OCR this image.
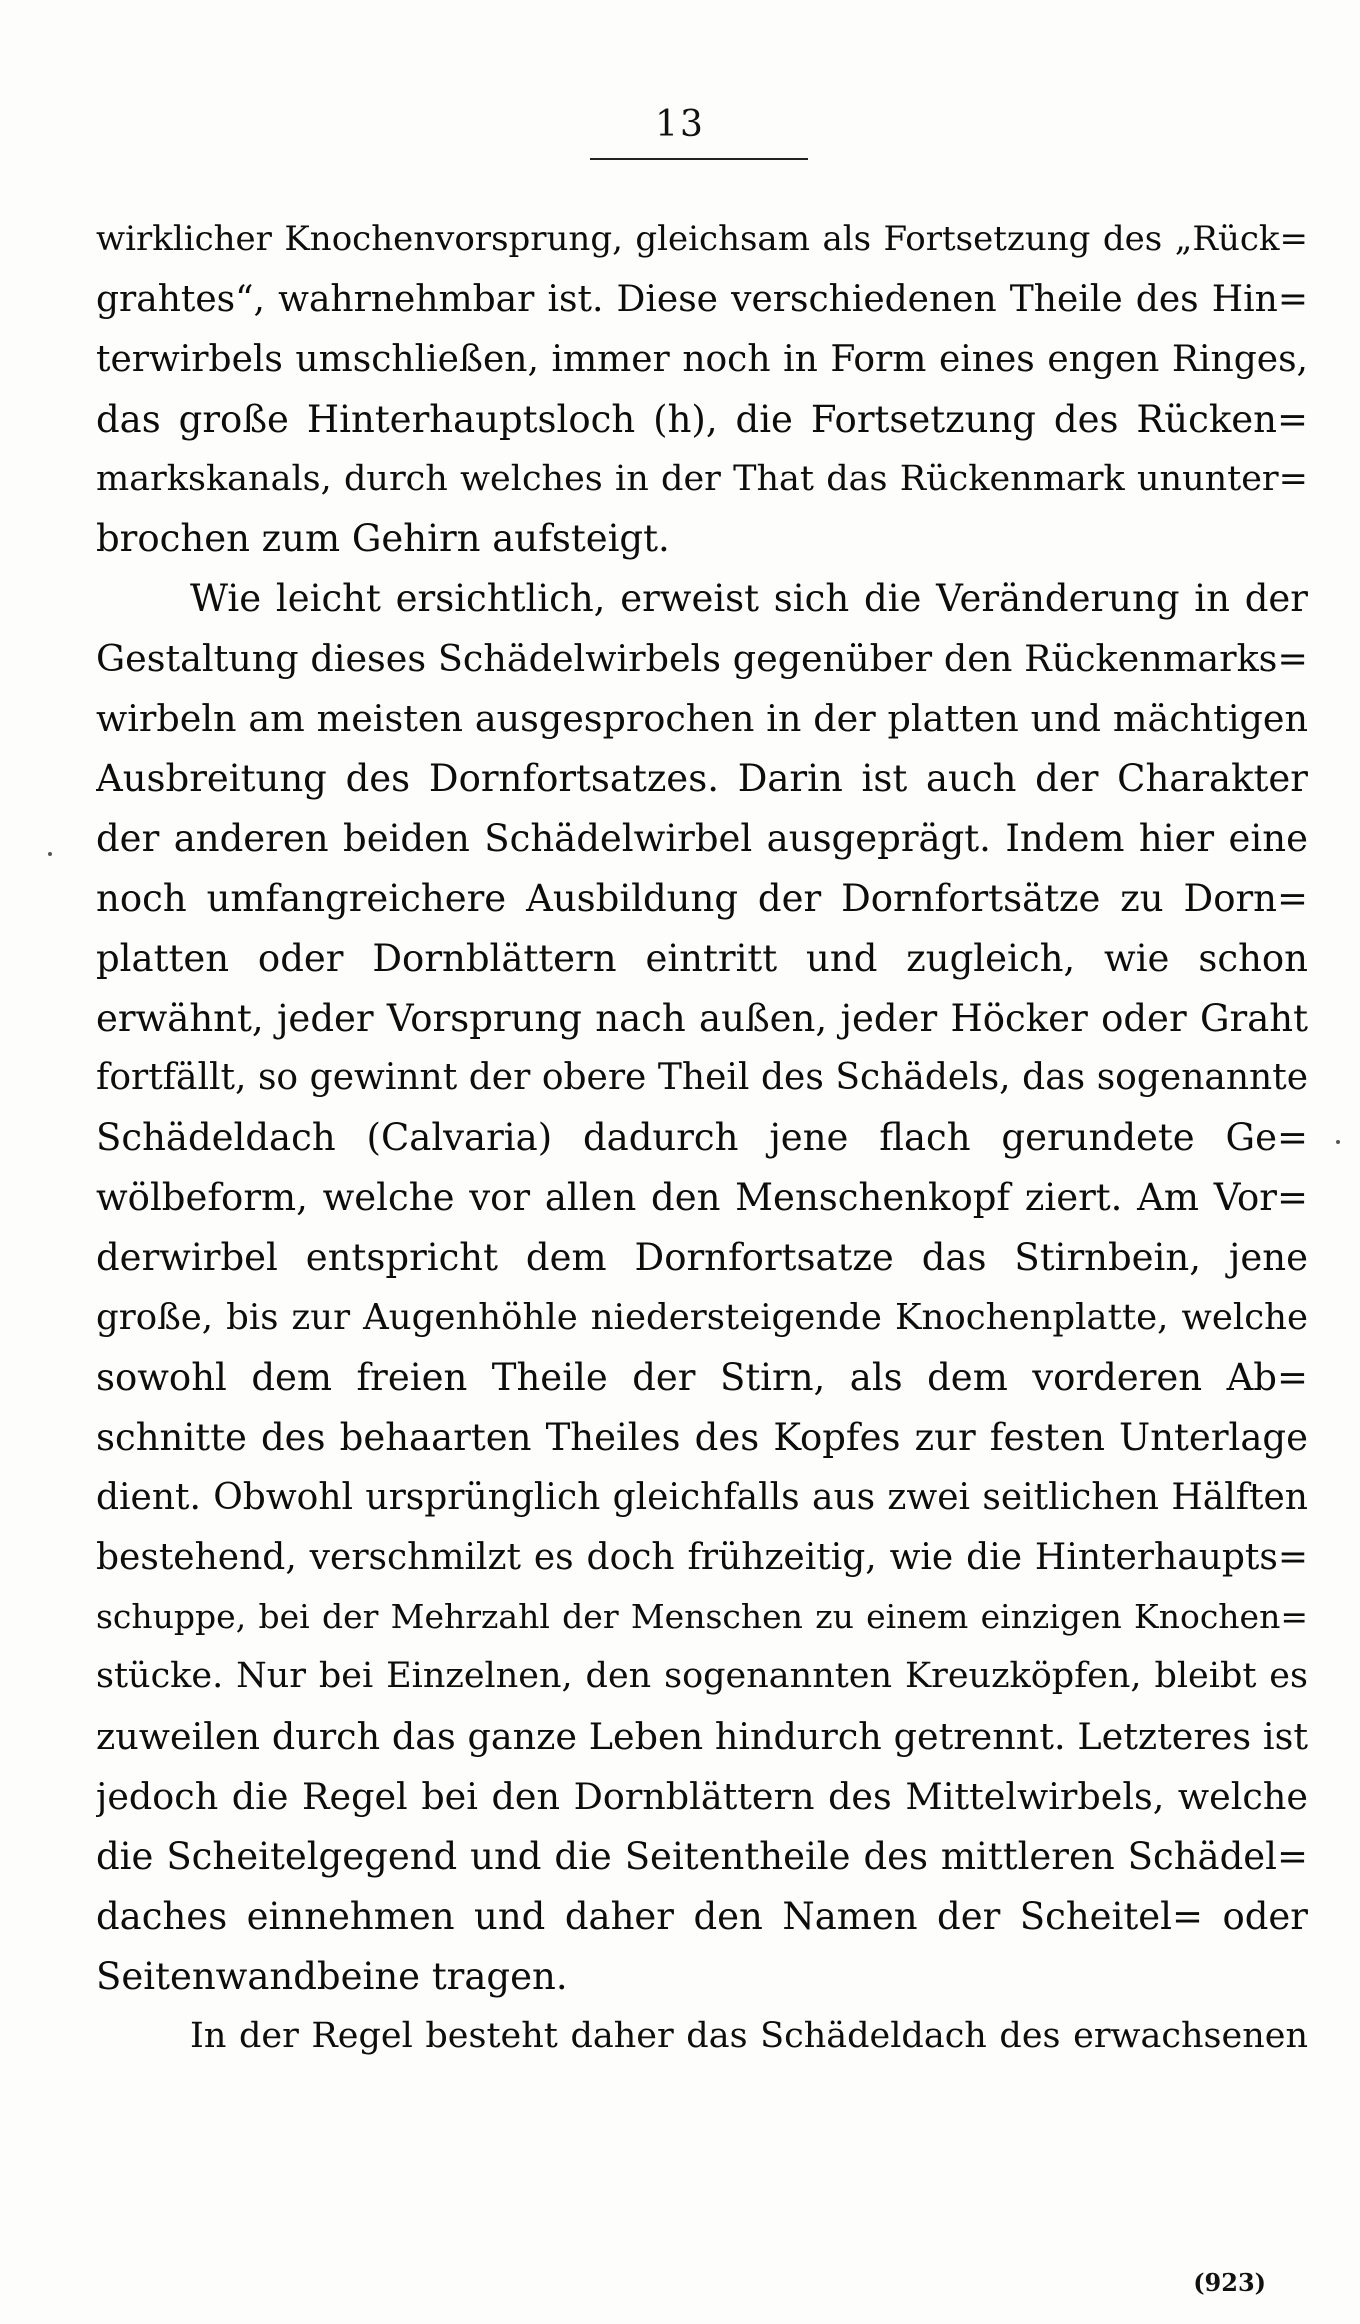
13
wirklicher Knochenvorsprung, gleichsam als Fortsetzung des „Rück=
grahtes“, wahrnehmbar ist. Diese verschiedenen Theile des Hin=
terwirbels umschließen, immer noch in Form eines engen Ringes,
das große Hinterhauptsloch (h), die Fortsetzung des Rücken=
markskanals, durch welches in der That das Rückenmark ununter=
brochen zum Gehirn aufsteigt.
Wie leicht ersichtlich, erweist sich die Veränderung in der
Gestaltung dieses Schädelwirbels gegenüber den Rückenmarks=
wirbeln am meisten ausgesprochen in der platten und mächtigen
Ausbreitung des Dornfortsatzes. Darin ist auch der Charakter
der anderen beiden Schädelwirbel ausgeprägt. Indem hier eine
noch umfangreichere Ausbildung der Dornfortsätze zu Dorn=
platten oder Dornblättern eintritt und zugleich, wie schon
erwähnt, jeder Vorsprung nach außen, jeder Höcker oder Graht
fortfällt, so gewinnt der obere Theil des Schädels, das sogenannte
Schädeldach (Calvaria) dadurch jene flach gerundete Ge=
wölbeform, welche vor allen den Menschenkopf ziert. Am Vor=
derwirbel entspricht dem Dornfortsatze das Stirnbein, jene
große, bis zur Augenhöhle niedersteigende Knochenplatte, welche
sowohl dem freien Theile der Stirn, als dem vorderen Ab=
schnitte des behaarten Theiles des Kopfes zur festen Unterlage
dient. Obwohl ursprünglich gleichfalls aus zwei seitlichen Hälften
bestehend, verschmilzt es doch frühzeitig, wie die Hinterhaupts=
schuppe, bei der Mehrzahl der Menschen zu einem einzigen Knochen=
stücke. Nur bei Einzelnen, den sogenannten Kreuzköpfen, bleibt es
zuweilen durch das ganze Leben hindurch getrennt. Letzteres ist
jedoch die Regel bei den Dornblättern des Mittelwirbels, welche
die Scheitelgegend und die Seitentheile des mittleren Schädel=
daches einnehmen und daher den Namen der Scheitel= oder
Seitenwandbeine tragen.
In der Regel besteht daher das Schädeldach des erwachsenen
(923)
